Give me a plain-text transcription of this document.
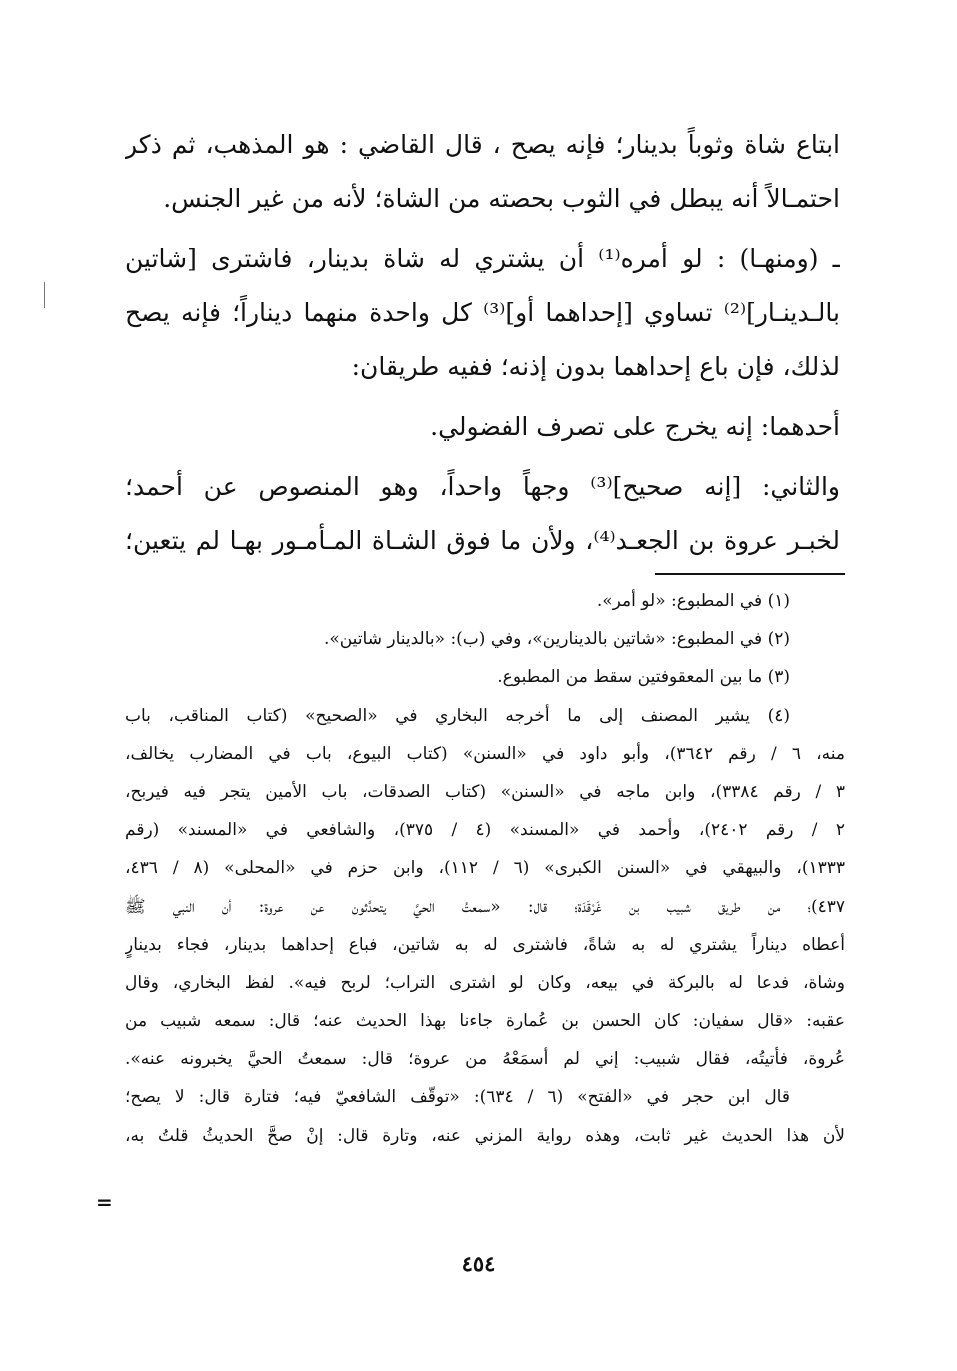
ابتاع شاة وثوباً بدينار؛ فإنه يصح ، قال القاضي : هو المذهب، ثم ذكر
احتمـالاً أنه يبطل في الثوب بحصته من الشاة؛ لأنه من غير الجنس.
ـ (ومنهـا) : لو أمره⁽¹⁾ أن يشتري له شاة بدينار، فاشترى [شاتين
بالـدينـار]⁽²⁾ تساوي [إحداهما أو]⁽³⁾ كل واحدة منهما ديناراً؛ فإنه يصح
لذلك، فإن باع إحداهما بدون إذنه؛ ففيه طريقان:
أحدهما: إنه يخرج على تصرف الفضولي.
والثاني: [إنه صحيح]⁽³⁾ وجهاً واحداً، وهو المنصوص عن أحمد؛
لخبـر عروة بن الجعـد⁽⁴⁾، ولأن ما فوق الشـاة المـأمـور بهـا لم يتعين؛
(١) في المطبوع: «لو أمر».
(٢) في المطبوع: «شاتين بالدينارين»، وفي (ب): «بالدينار شاتين».
(٣) ما بين المعقوفتين سقط من المطبوع.
(٤) يشير المصنف إلى ما أخرجه البخاري في «الصحيح» (كتاب المناقب، باب
منه، ٦ / رقم ٣٦٤٢)، وأبو داود في «السنن» (كتاب البيوع، باب في المضارب يخالف،
٣ / رقم ٣٣٨٤)، وابن ماجه في «السنن» (كتاب الصدقات، باب الأمين يتجر فيه فيربح،
٢ / رقم ٢٤٠٢)، وأحمد في «المسند» (٤ / ٣٧٥)، والشافعي في «المسند» (رقم
١٣٣٣)، والبيهقي في «السنن الكبرى» (٦ / ١١٢)، وابن حزم في «المحلى» (٨ / ٤٣٦،
٤٣٧)؛ من طريق شبيب بن غَرْقَدَة؛ قال: «سمعتُ الحيَّ يتحدَّثون عن عروة: أن النبي ﷺ
أعطاه ديناراً يشتري له به شاةً، فاشترى له به شاتين، فباع إحداهما بدينار، فجاء بدينارٍ
وشاة، فدعا له بالبركة في بيعه، وكان لو اشترى التراب؛ لربح فيه». لفظ البخاري، وقال
عقبه: «قال سفيان: كان الحسن بن عُمارة جاءنا بهذا الحديث عنه؛ قال: سمعه شبيب من
عُروة، فأتيتُه، فقال شبيب: إني لم أسمَعْهُ من عروة؛ قال: سمعتُ الحيَّ يخبرونه عنه».
قال ابن حجر في «الفتح» (٦ / ٦٣٤): «توقّف الشافعيّ فيه؛ فتارة قال: لا يصح؛
لأن هذا الحديث غير ثابت، وهذه رواية المزني عنه، وتارة قال: إنْ صحَّ الحديثُ قلتُ به،
=
٤٥٤
